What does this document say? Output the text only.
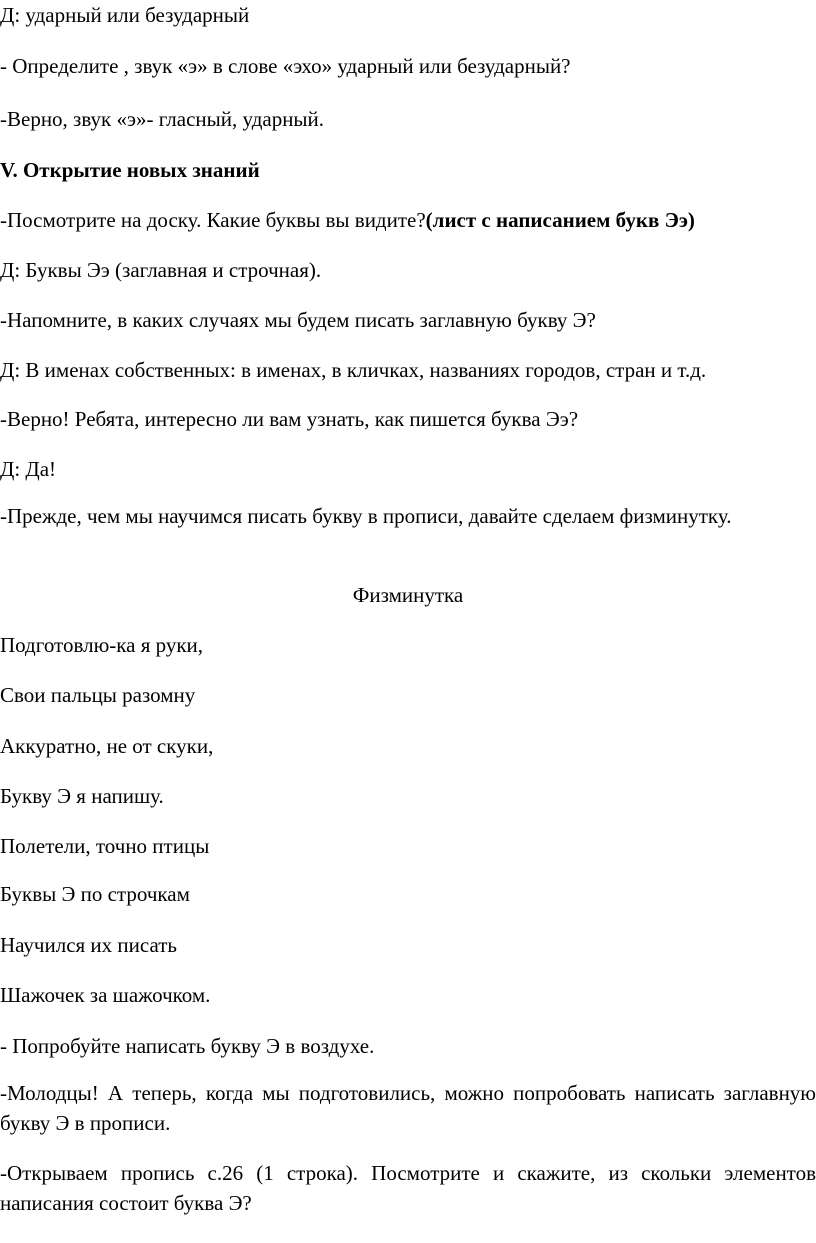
Д: ударный или безударный
- Определите , звук «э» в слове «эхо» ударный или безударный?
-Верно, звук «э»- гласный, ударный.
V. Открытие новых знаний
-Посмотрите на доску. Какие буквы вы видите?(лист с написанием букв Ээ)
Д: Буквы Ээ (заглавная и строчная).
-Напомните, в каких случаях мы будем писать заглавную букву Э?
Д: В именах собственных: в именах, в кличках, названиях городов, стран и т.д.
-Верно! Ребята, интересно ли вам узнать, как пишется буква Ээ?
Д: Да!
-Прежде, чем мы научимся писать букву в прописи, давайте сделаем физминутку.
Физминутка
Подготовлю-ка я руки,
Свои пальцы разомну
Аккуратно, не от скуки,
Букву Э я напишу.
Полетели, точно птицы
Буквы Э по строчкам
Научился их писать
Шажочек за шажочком.
- Попробуйте написать букву Э в воздухе.
-Молодцы! А теперь, когда мы подготовились, можно попробовать написать заглавную букву Э в прописи.
-Открываем пропись с.26 (1 строка). Посмотрите и скажите, из скольки элементов написания состоит буква Э?
